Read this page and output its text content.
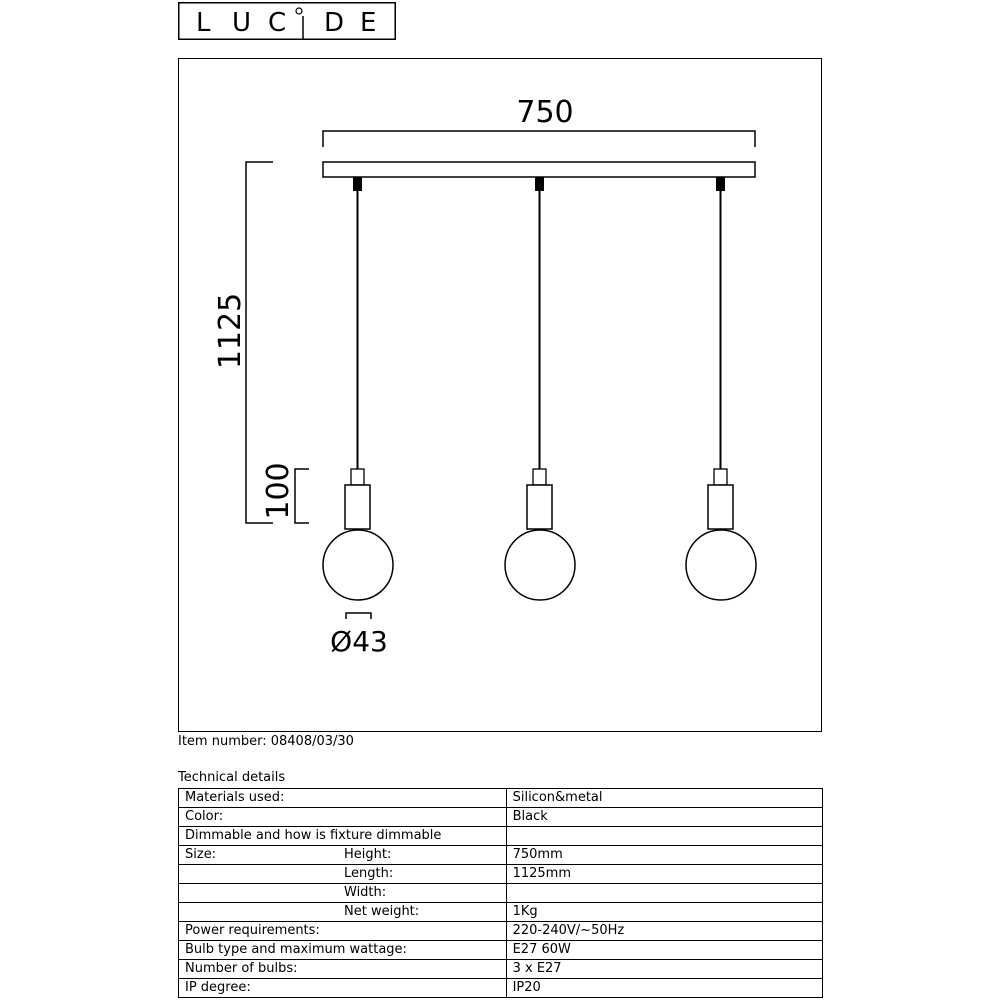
L U C D E
750
1125
100
Ø43
Item number: 08408/03/30
Technical details
Materials used:	Silicon&metal
Color:	Black
Dimmable and how is fixture dimmable

Size: Height:	750mm

Length:	1125mm

Width:	

Net weight:	1Kg
Power requirements:	220-240V/~50Hz
Bulb type and maximum wattage:	E27 60W
Number of bulbs:	3 x E27
IP degree:	IP20
